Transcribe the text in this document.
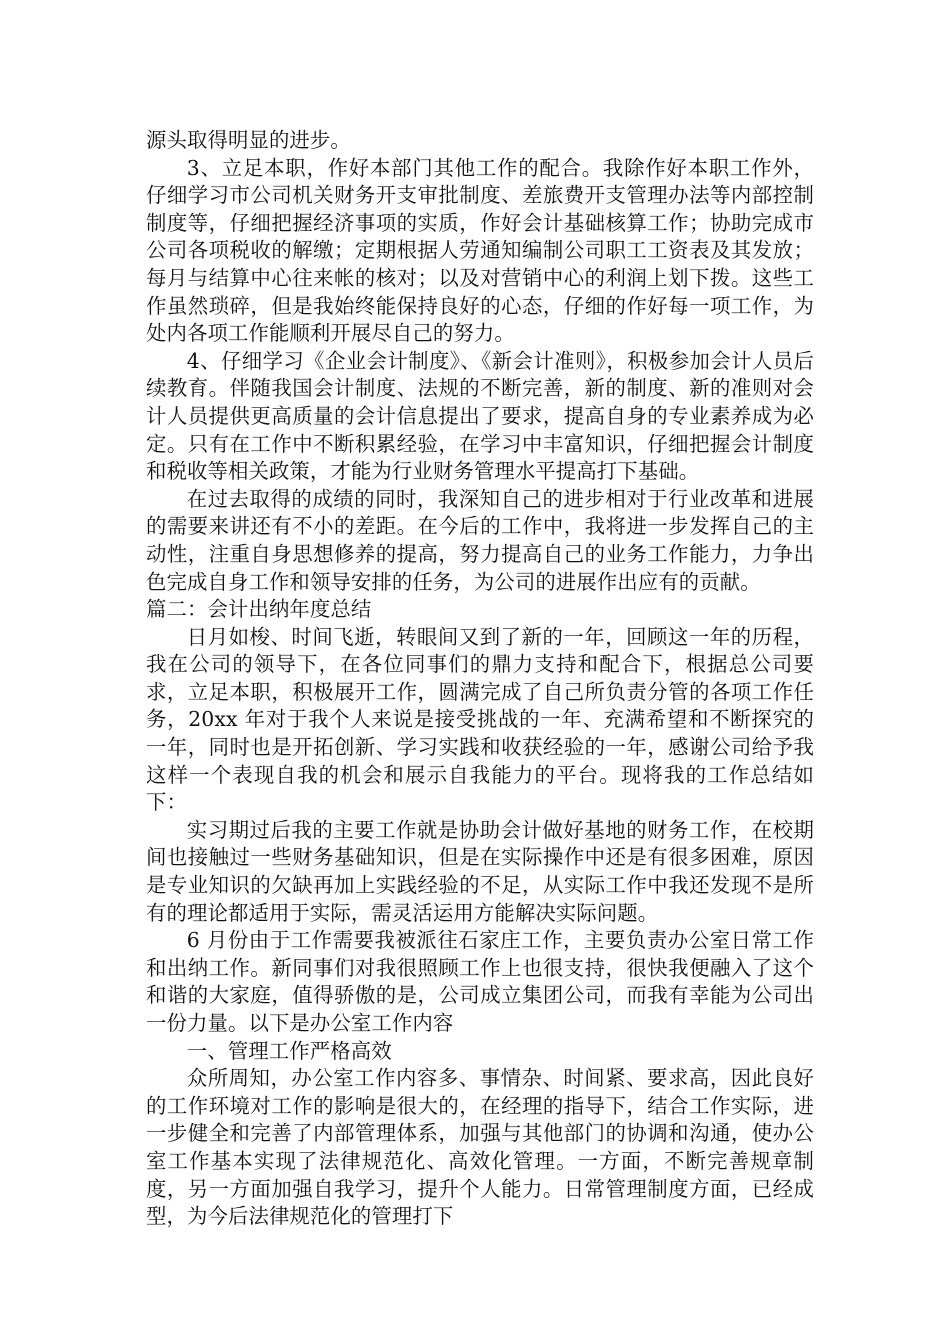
源头取得明显的进步。

3、立足本职，作好本部门其他工作的配合。我除作好本职工作外，仔细学习市公司机关财务开支审批制度、差旅费开支管理办法等内部控制制度等，仔细把握经济事项的实质，作好会计基础核算工作；协助完成市公司各项税收的解缴；定期根据人劳通知编制公司职工工资表及其发放；每月与结算中心往来帐的核对；以及对营销中心的利润上划下拨。这些工作虽然琐碎，但是我始终能保持良好的心态，仔细的作好每一项工作，为处内各项工作能顺利开展尽自己的努力。

4、仔细学习《企业会计制度》、《新会计准则》，积极参加会计人员后续教育。伴随我国会计制度、法规的不断完善，新的制度、新的准则对会计人员提供更高质量的会计信息提出了要求，提高自身的专业素养成为必定。只有在工作中不断积累经验，在学习中丰富知识，仔细把握会计制度和税收等相关政策，才能为行业财务管理水平提高打下基础。

在过去取得的成绩的同时，我深知自己的进步相对于行业改革和进展的需要来讲还有不小的差距。在今后的工作中，我将进一步发挥自己的主动性，注重自身思想修养的提高，努力提高自己的业务工作能力，力争出色完成自身工作和领导安排的任务，为公司的进展作出应有的贡献。

篇二：会计出纳年度总结

日月如梭、时间飞逝，转眼间又到了新的一年，回顾这一年的历程，我在公司的领导下，在各位同事们的鼎力支持和配合下，根据总公司要求，立足本职，积极展开工作，圆满完成了自己所负责分管的各项工作任务，20xx 年对于我个人来说是接受挑战的一年、充满希望和不断探究的一年，同时也是开拓创新、学习实践和收获经验的一年，感谢公司给予我这样一个表现自我的机会和展示自我能力的平台。现将我的工作总结如下：

实习期过后我的主要工作就是协助会计做好基地的财务工作，在校期间也接触过一些财务基础知识，但是在实际操作中还是有很多困难，原因是专业知识的欠缺再加上实践经验的不足，从实际工作中我还发现不是所有的理论都适用于实际，需灵活运用方能解决实际问题。

6 月份由于工作需要我被派往石家庄工作，主要负责办公室日常工作和出纳工作。新同事们对我很照顾工作上也很支持，很快我便融入了这个和谐的大家庭，值得骄傲的是，公司成立集团公司，而我有幸能为公司出一份力量。以下是办公室工作内容

一、管理工作严格高效

众所周知，办公室工作内容多、事情杂、时间紧、要求高，因此良好的工作环境对工作的影响是很大的，在经理的指导下，结合工作实际，进一步健全和完善了内部管理体系，加强与其他部门的协调和沟通，使办公室工作基本实现了法律规范化、高效化管理。一方面，不断完善规章制度，另一方面加强自我学习，提升个人能力。日常管理制度方面，已经成型，为今后法律规范化的管理打下
